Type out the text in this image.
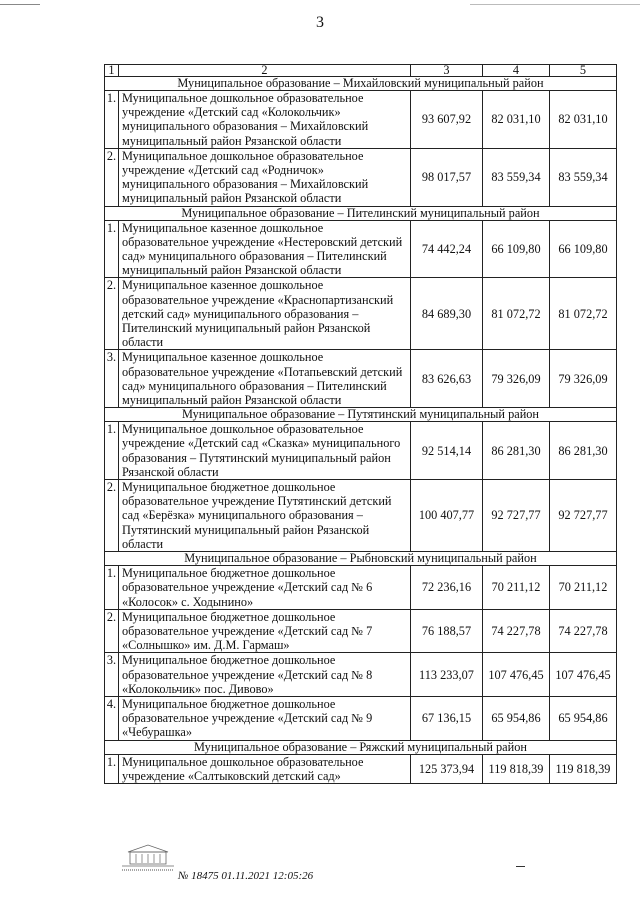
3
1	2	3	4	5
Муниципальное образование – Михайловский муниципальный район				
1.	Муниципальное дошкольное образовательное учреждение «Детский сад «Колокольчик» муниципального образования – Михайловский муниципальный район Рязанской области	93 607,92	82 031,10	82 031,10
2.	Муниципальное дошкольное образовательное учреждение «Детский сад «Родничок» муниципального образования – Михайловский муниципальный район Рязанской области	98 017,57	83 559,34	83 559,34
Муниципальное образование – Пителинский муниципальный район				
1.	Муниципальное казенное дошкольное образовательное учреждение «Нестеровский детский сад» муниципального образования – Пителинский муниципальный район Рязанской области	74 442,24	66 109,80	66 109,80
2.	Муниципальное казенное дошкольное образовательное учреждение «Краснопартизанский детский сад» муниципального образования – Пителинский муниципальный район Рязанской области	84 689,30	81 072,72	81 072,72
3.	Муниципальное казенное дошкольное образовательное учреждение «Потапьевский детский сад» муниципального образования – Пителинский муниципальный район Рязанской области	83 626,63	79 326,09	79 326,09
Муниципальное образование – Путятинский муниципальный район				
1.	Муниципальное дошкольное образовательное учреждение «Детский сад «Сказка» муниципального образования – Путятинский муниципальный район Рязанской области	92 514,14	86 281,30	86 281,30
2.	Муниципальное бюджетное дошкольное образовательное учреждение Путятинский детский сад «Берёзка» муниципального образования – Путятинский муниципальный район Рязанской области	100 407,77	92 727,77	92 727,77
Муниципальное образование – Рыбновский муниципальный район				
1.	Муниципальное бюджетное дошкольное образовательное учреждение «Детский сад № 6 «Колосок» с. Ходынино»	72 236,16	70 211,12	70 211,12
2.	Муниципальное бюджетное дошкольное образовательное учреждение «Детский сад № 7 «Солнышко» им. Д.М. Гармаш»	76 188,57	74 227,78	74 227,78
3.	Муниципальное бюджетное дошкольное образовательное учреждение «Детский сад № 8 «Колокольчик» пос. Дивово»	113 233,07	107 476,45	107 476,45
4.	Муниципальное бюджетное дошкольное образовательное учреждение «Детский сад № 9 «Чебурашка»	67 136,15	65 954,86	65 954,86
Муниципальное образование – Ряжский муниципальный район				
1.	Муниципальное дошкольное образовательное учреждение «Салтыковский детский сад»	125 373,94	119 818,39	119 818,39
№ 18475 01.11.2021 12:05:26
